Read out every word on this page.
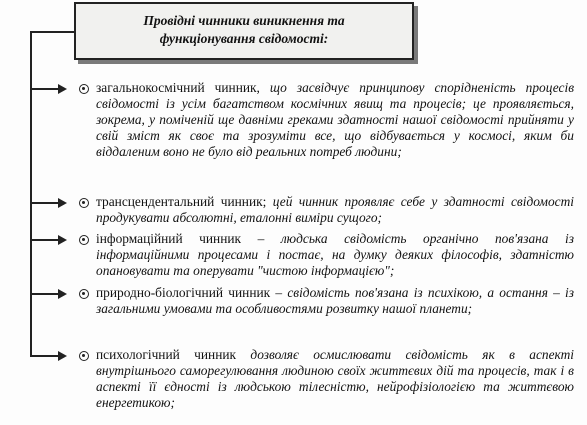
Провідні чинники виникнення та
функціонування свідомості:

загальнокосмічний чинник, що засвідчує принципову спорідненість процесів свідомості із усім багатством космічних явищ та процесів; це проявляється, зокрема, у поміченій ще давніми греками здатності нашої свідомості прийняти у свій зміст як своє та зрозуміти все, що відбувається у космосі, яким би віддаленим воно не було від реальних потреб людини;

трансцендентальний чинник; цей чинник проявляє себе у здатності свідомості продукувати абсолютні, еталонні виміри сущого;

інформаційний чинник – людська свідомість органічно пов'язана із інформаційними процесами і постає, на думку деяких філософів, здатністю опановувати та оперувати "чистою інформацією";

природно-біологічний чинник – свідомість пов'язана із психікою, а остання – із загальними умовами та особливостями розвитку нашої планети;

психологічний чинник дозволяє осмислювати свідомість як в аспекті внутрішнього саморегулювання людиною своїх життєвих дій та процесів, так і в аспекті її єдності із людською тілесністю, нейрофізіологією та життєвою енергетикою;
